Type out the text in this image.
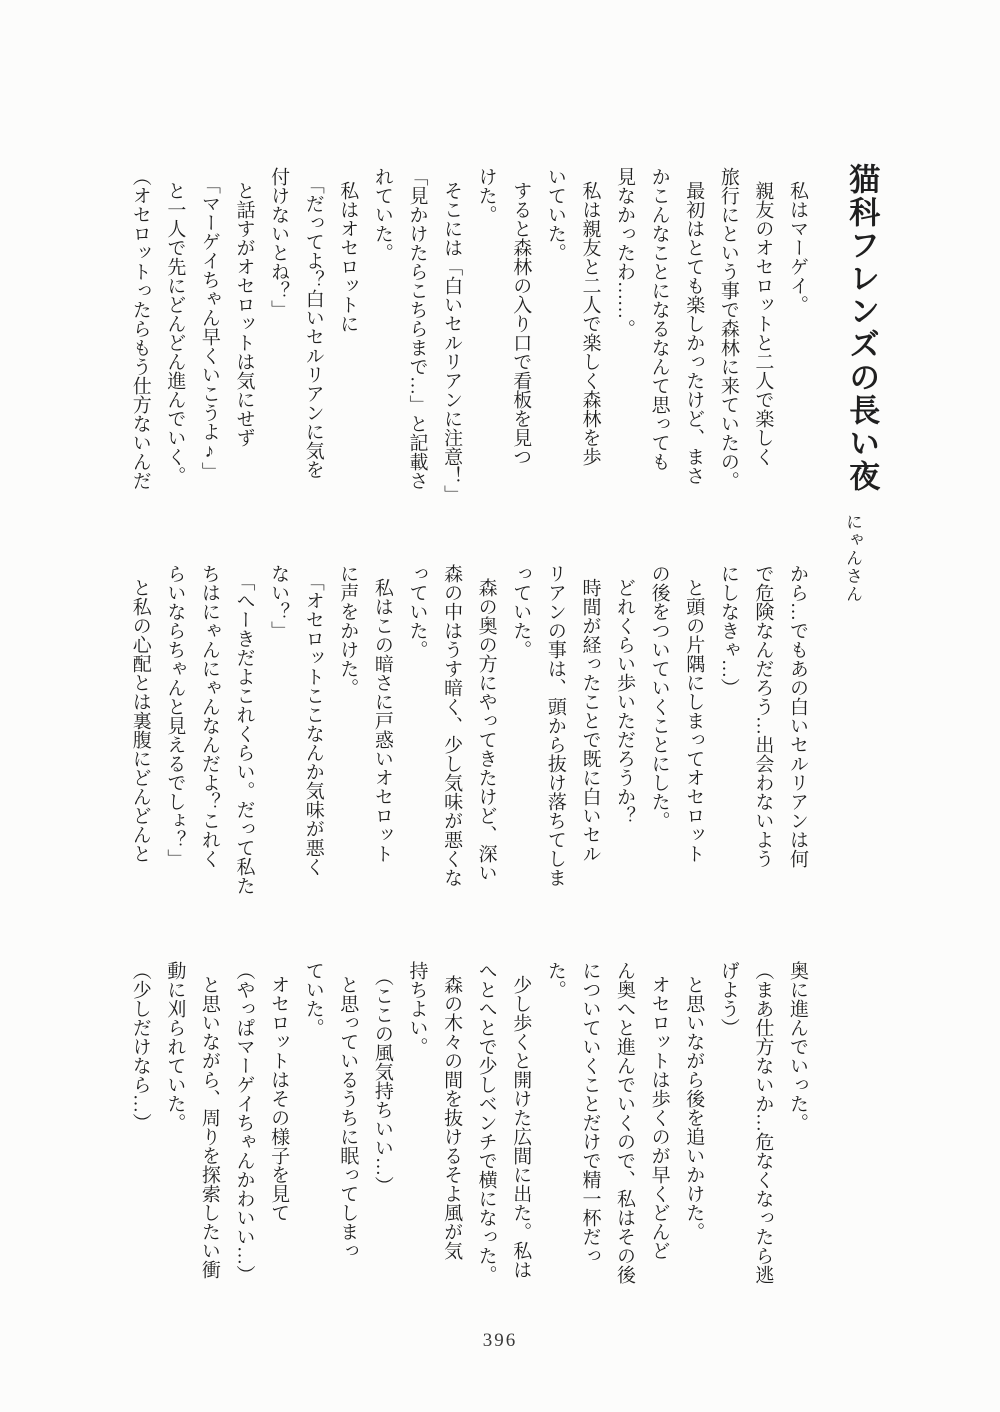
猫科フレンズの長い夜
にゃんさん

私はマーゲイ。

親友のオセロットと二人で楽しく

旅行にという事で森林に来ていたの。

最初はとても楽しかったけど、まさ

かこんなことになるなんて思っても

見なかったわ……。

私は親友と二人で楽しく森林を歩

いていた。

すると森林の入り口で看板を見つ

けた。

そこには「白いセルリアンに注意！」

「見かけたらこちらまで…」と記載さ

れていた。

私はオセロットに

「だってよ？白いセルリアンに気を

付けないとね？」

と話すがオセロットは気にせず

「マーゲイちゃん早くいこうよ♪」

と一人で先にどんどん進んでいく。

（オセロットったらもう仕方ないんだ

から…でもあの白いセルリアンは何

で危険なんだろう…出会わないよう

にしなきゃ…）

と頭の片隅にしまってオセロット

の後をついていくことにした。

どれくらい歩いただろうか？

時間が経ったことで既に白いセル

リアンの事は、頭から抜け落ちてしま

っていた。

森の奥の方にやってきたけど、深い

森の中はうす暗く、少し気味が悪くな

っていた。

私はこの暗さに戸惑いオセロット

に声をかけた。

「オセロットここなんか気味が悪く

ない？」

「へーきだよこれくらい。だって私た

ちはにゃんにゃんなんだよ？これく

らいならちゃんと見えるでしょ？」

と私の心配とは裏腹にどんどんと

奥に進んでいった。

（まあ仕方ないか…危なくなったら逃

げよう）

と思いながら後を追いかけた。

オセロットは歩くのが早くどんど

ん奥へと進んでいくので、私はその後

についていくことだけで精一杯だっ

た。

少し歩くと開けた広間に出た。私は

へとへとで少しベンチで横になった。

森の木々の間を抜けるそよ風が気

持ちよい。

（ここの風気持ちいい…）

と思っているうちに眠ってしまっ

ていた。

オセロットはその様子を見て

（やっぱマーゲイちゃんかわいい…）

と思いながら、周りを探索したい衝

動に刈られていた。

（少しだけなら…）

396
